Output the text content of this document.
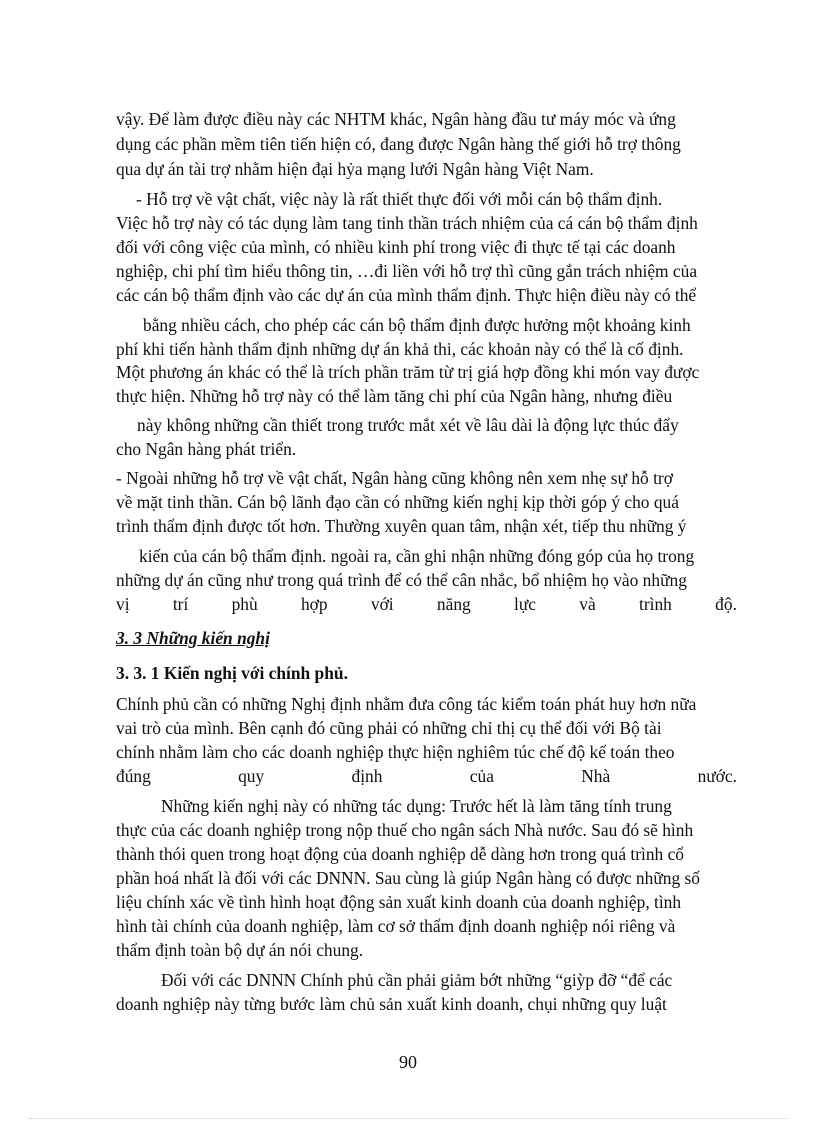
vậy. Để làm được điều này các NHTM khác, Ngân hàng đầu tư máy móc và ứng
dụng các phần mềm tiên tiến hiện có, đang được Ngân hàng thế giới hỗ trợ thông
qua dự án tài trợ nhằm hiện đại hỷa mạng lưới Ngân hàng Việt Nam.
- Hỗ trợ về vật chất, việc này là rất thiết thực đối với mỗi cán bộ thẩm định.
Việc hỗ trợ này có tác dụng làm tang tinh thần trách nhiệm của cá cán bộ thẩm định
đối với công việc của mình, có nhiều kinh phí trong việc đi thực tế tại các doanh
nghiệp, chi phí tìm hiểu thông tin, …đi liền với hỗ trợ thì cũng gắn trách nhiệm của
các cán bộ thẩm định vào các dự án của mình thẩm định. Thực hiện điều này có thể
bằng nhiều cách, cho phép các cán bộ thẩm định được hưởng một khoảng kinh
phí khi tiến hành thẩm định những dự án khả thi, các khoản này có thể là cố định.
Một phương án khác có thể là trích phần trăm từ trị giá hợp đồng khi món vay được
thực hiện. Những hỗ trợ này có thể làm tăng chi phí của Ngân hàng, nhưng điều
này không những cần thiết trong trước mắt xét về lâu dài là động lực thúc đẩy
cho Ngân hàng phát triển.
- Ngoài những hỗ trợ về vật chất, Ngân hàng cũng không nên xem nhẹ sự hỗ trợ
về mặt tinh thần. Cán bộ lãnh đạo cần có những kiến nghị kịp thời góp ý cho quá
trình thẩm định được tốt hơn. Thường xuyên quan tâm, nhận xét, tiếp thu những ý
kiến của cán bộ thẩm định. ngoài ra, cần ghi nhận những đóng góp của họ trong
những dự án cũng như trong quá trình để có thể cân nhắc, bổ nhiệm họ vào những
vị trí phù hợp với năng lực và trình độ.
3. 3 Những kiến nghị
3. 3. 1 Kiến nghị với chính phủ.
Chính phủ cần có những Nghị định nhằm đưa công tác kiểm toán phát huy hơn nữa
vai trò của mình. Bên cạnh đó cũng phải có những chỉ thị cụ thể đối với Bộ tài
chính nhằm làm cho các doanh nghiệp thực hiện nghiêm túc chế độ kế toán theo
đúng	quy	định	của	Nhà	nước.
Những kiến nghị này có những tác dụng: Trước hết là làm tăng tính trung
thực của các doanh nghiệp trong nộp thuế cho ngân sách Nhà nước. Sau đó sẽ hình
thành thói quen trong hoạt động của doanh nghiệp dễ dàng hơn trong quá trình cổ
phần hoá nhất là đối với các DNNN. Sau cùng là giúp Ngân hàng có được những số
liệu chính xác về tình hình hoạt động sản xuất kinh doanh của doanh nghiệp, tình
hình tài chính của doanh nghiệp, làm cơ sở thẩm định doanh nghiệp nói riêng và
thẩm định toàn bộ dự án nói chung.
Đối với các DNNN Chính phủ cần phải giảm bớt những “giỳp đỡ “để các
doanh nghiệp này từng bước làm chủ sản xuất kinh doanh, chụi những quy luật
90
